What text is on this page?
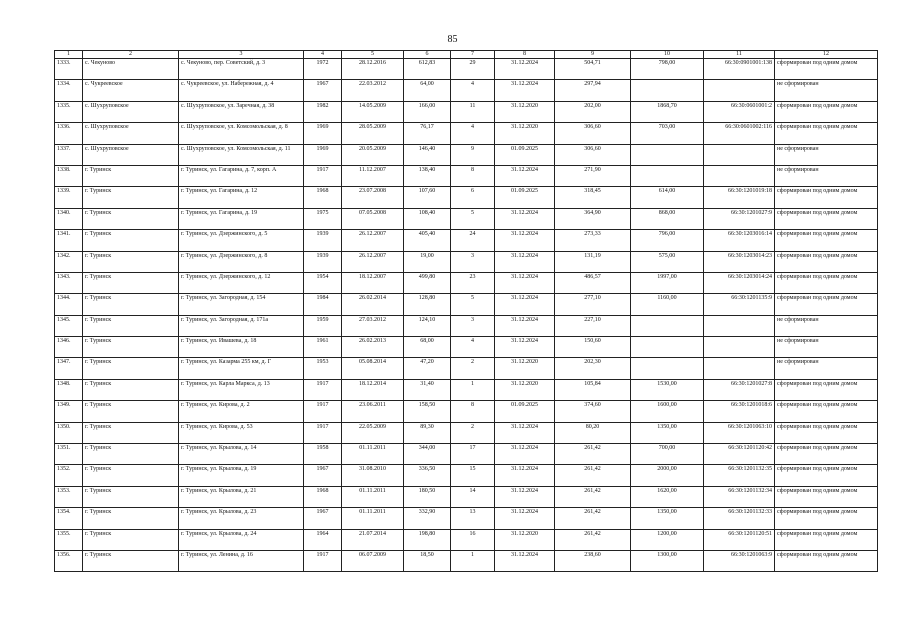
85
1	2	3	4	5	6	7	8	9	10	11	12
1333.	с. Чекуново	с. Чекуново, пер. Советский, д. 3	1972	28.12.2016	612,83	29	31.12.2024	504,71	798,00	66:30:0901001:138	сформирован под одним домом
1334.	с. Чукреевское	с. Чукреевское, ул. Набережная, д. 4	1967	22.03.2012	64,00	4	31.12.2024	297,94			не сформирован
1335.	с. Шухруповское	с. Шухруповское, ул. Заречная, д. 38	1982	14.05.2009	166,00	11	31.12.2020	202,00	1868,70	66:30:0601001:2	сформирован под одним домом
1336.	с. Шухруповское	с. Шухруповское, ул. Комсомольская, д. 8	1969	28.05.2009	76,17	4	31.12.2020	306,60	703,00	66:30:0601002:116	сформирован под одним домом
1337.	с. Шухруповское	с. Шухруповское, ул. Комсомольская, д. 11	1969	20.05.2009	146,40	9	01.09.2025	306,60			не сформирован
1338.	г. Туринск	г. Туринск, ул. Гагарина, д. 7, корп. А	1917	11.12.2007	138,40	8	31.12.2024	271,90			не сформирован
1339.	г. Туринск	г. Туринск, ул. Гагарина, д. 12	1968	23.07.2008	107,60	6	01.09.2025	318,45	614,00	66:30:1201019:18	сформирован под одним домом
1340.	г. Туринск	г. Туринск, ул. Гагарина, д. 19	1975	07.05.2008	108,40	5	31.12.2024	364,90	868,00	66:30:1201027:9	сформирован под одним домом
1341.	г. Туринск	г. Туринск, ул. Дзержинского, д. 5	1939	26.12.2007	405,40	24	31.12.2024	273,33	796,00	66:30:1203016:14	сформирован под одним домом
1342.	г. Туринск	г. Туринск, ул. Дзержинского, д. 8	1939	26.12.2007	19,00	3	31.12.2024	131,19	575,00	66:30:1203014:23	сформирован под одним домом
1343.	г. Туринск	г. Туринск, ул. Дзержинского, д. 12	1954	18.12.2007	499,80	23	31.12.2024	486,57	1997,00	66:30:1203014:24	сформирован под одним домом
1344.	г. Туринск	г. Туринск, ул. Загородная, д. 154	1984	26.02.2014	128,80	5	31.12.2024	277,10	1160,00	66:30:1201135:9	сформирован под одним домом
1345.	г. Туринск	г. Туринск, ул. Загородная, д. 171а	1959	27.03.2012	124,10	3	31.12.2024	227,10			не сформирован
1346.	г. Туринск	г. Туринск, ул. Ивашева, д. 18	1961	26.02.2013	68,00	4	31.12.2024	150,60			не сформирован
1347.	г. Туринск	г. Туринск, ул. Казарма 255 км, д. Г	1953	05.08.2014	47,20	2	31.12.2020	202,30			не сформирован
1348.	г. Туринск	г. Туринск, ул. Карла Маркса, д. 13	1917	18.12.2014	31,40	1	31.12.2020	105,84	1530,00	66:30:1201027:8	сформирован под одним домом
1349.	г. Туринск	г. Туринск, ул. Кирова, д. 2	1917	23.06.2011	158,50	8	01.09.2025	374,60	1600,00	66:30:1201018:6	сформирован под одним домом
1350.	г. Туринск	г. Туринск, ул. Кирова, д. 53	1917	22.05.2009	89,30	2	31.12.2024	80,20	1350,00	66:30:1201063:10	сформирован под одним домом
1351.	г. Туринск	г. Туринск, ул. Крылова, д. 14	1958	01.11.2011	344,00	17	31.12.2024	261,42	700,00	66:30:1201120:42	сформирован под одним домом
1352.	г. Туринск	г. Туринск, ул. Крылова, д. 19	1967	31.08.2010	336,50	15	31.12.2024	261,42	2000,00	66:30:1201132:35	сформирован под одним домом
1353.	г. Туринск	г. Туринск, ул. Крылова, д. 21	1968	01.11.2011	180,50	14	31.12.2024	261,42	1620,00	66:30:1201132:34	сформирован под одним домом
1354.	г. Туринск	г. Туринск, ул. Крылова, д. 23	1967	01.11.2011	332,90	13	31.12.2024	261,42	1350,00	66:30:1201132:33	сформирован под одним домом
1355.	г. Туринск	г. Туринск, ул. Крылова, д. 24	1964	21.07.2014	198,80	16	31.12.2020	261,42	1200,00	66:30:1201120:51	сформирован под одним домом
1356.	г. Туринск	г. Туринск, ул. Ленина, д. 16	1917	06.07.2009	18,50	1	31.12.2024	238,60	1300,00	66:30:1201063:9	сформирован под одним домом
